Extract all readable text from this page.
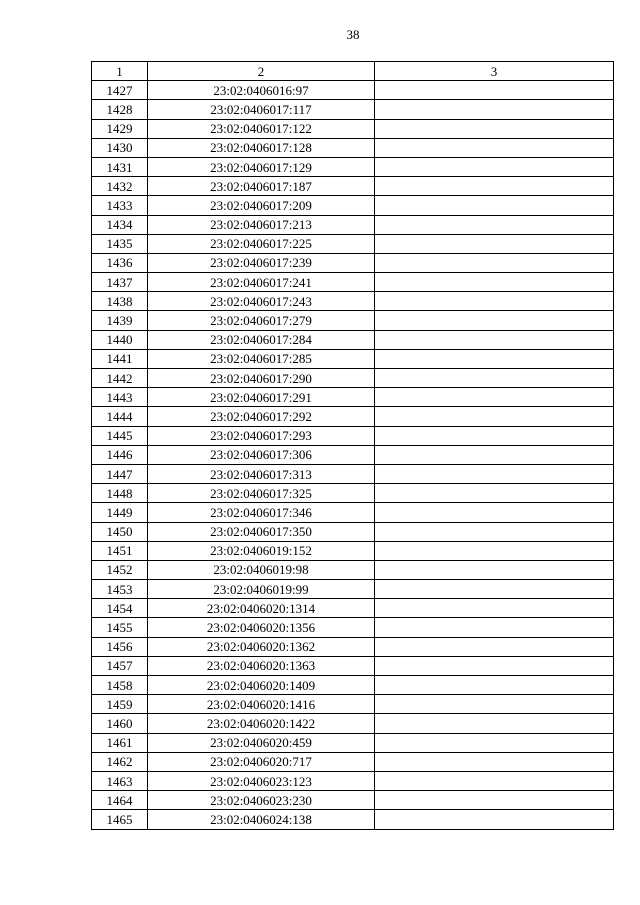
38
1	2	3
1427	23:02:0406016:97	
1428	23:02:0406017:117	
1429	23:02:0406017:122	
1430	23:02:0406017:128	
1431	23:02:0406017:129	
1432	23:02:0406017:187	
1433	23:02:0406017:209	
1434	23:02:0406017:213	
1435	23:02:0406017:225	
1436	23:02:0406017:239	
1437	23:02:0406017:241	
1438	23:02:0406017:243	
1439	23:02:0406017:279	
1440	23:02:0406017:284	
1441	23:02:0406017:285	
1442	23:02:0406017:290	
1443	23:02:0406017:291	
1444	23:02:0406017:292	
1445	23:02:0406017:293	
1446	23:02:0406017:306	
1447	23:02:0406017:313	
1448	23:02:0406017:325	
1449	23:02:0406017:346	
1450	23:02:0406017:350	
1451	23:02:0406019:152	
1452	23:02:0406019:98	
1453	23:02:0406019:99	
1454	23:02:0406020:1314	
1455	23:02:0406020:1356	
1456	23:02:0406020:1362	
1457	23:02:0406020:1363	
1458	23:02:0406020:1409	
1459	23:02:0406020:1416	
1460	23:02:0406020:1422	
1461	23:02:0406020:459	
1462	23:02:0406020:717	
1463	23:02:0406023:123	
1464	23:02:0406023:230	
1465	23:02:0406024:138	
